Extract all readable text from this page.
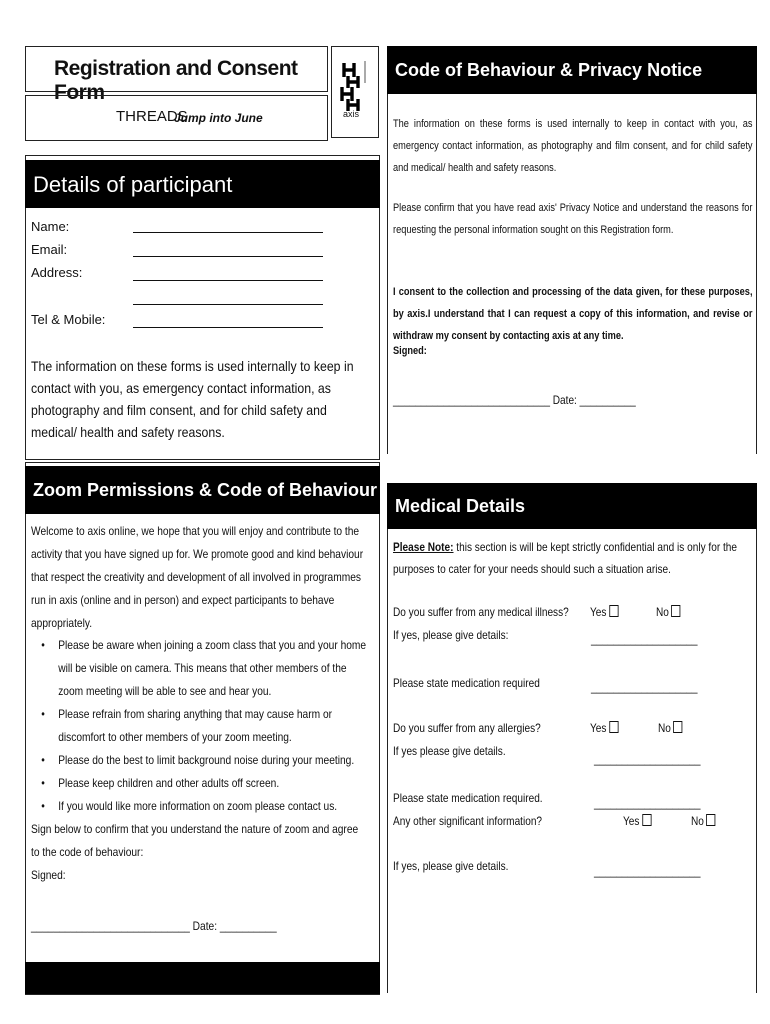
Registration and Consent Form
THREADS
Jump into June	axis
Details of participant
Name:
Email:
Address:
Tel & Mobile:
The information on these forms is used internally to keep in contact with you, as emergency contact information, as photography and film consent, and for child safety and medical/ health and safety reasons.
Zoom Permissions & Code of Behaviour
Welcome to axis online, we hope that you will enjoy and contribute to the activity that you have signed up for. We promote good and kind behaviour that respect the creativity and development of all involved in programmes run in axis (online and in person) and expect participants to behave appropriately.
• Please be aware when joining a zoom class that you and your home will be visible on camera. This means that other members of the zoom meeting will be able to see and hear you.
• Please refrain from sharing anything that may cause harm or discomfort to other members of your zoom meeting.
• Please do the best to limit background noise during your meeting.
• Please keep children and other adults off screen.
• If you would like more information on zoom please contact us.
Sign below to confirm that you understand the nature of zoom and agree to the code of behaviour:
Signed:
____________________________ Date: __________
Code of Behaviour & Privacy Notice
The information on these forms is used internally to keep in contact with you, as emergency contact information, as photography and film consent, and for child safety and medical/ health and safety reasons.
Please confirm that you have read axis' Privacy Notice and understand the reasons for requesting the personal information sought on this Registration form.
I consent to the collection and processing of the data given, for these purposes, by axis.I understand that I can request a copy of this information, and revise or withdraw my consent by contacting axis at any time.
Signed:
____________________________ Date: __________
Medical Details
Please Note: this section is will be kept strictly confidential and is only for the purposes to cater for your needs should such a situation arise.
Do you suffer from any medical illness? Yes	No
If yes, please give details:	___________________
Please state medication required	___________________
Do you suffer from any allergies?	Yes	No
If yes please give details.
___________________
Please state medication required.	___________________
Any other significant information?	Yes	No
If yes, please give details.	___________________
